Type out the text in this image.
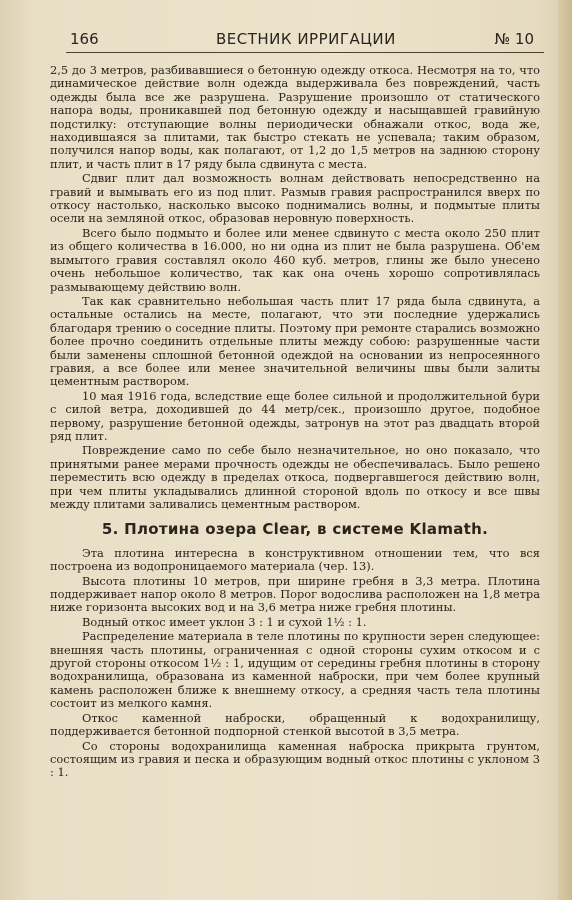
166	ВЕСТНИК ИРРИГАЦИИ	№ 10

2,5 до 3 метров, разбивавшиеся о бетонную одежду откоса. Несмотря на то, что динамическое действие волн одежда выдерживала без повреждений, часть одежды была все же разрушена. Разрушение произошло от статического напора воды, проникавшей под бетонную одежду и насыщавшей гравийную подстилку: отступающие волны периодически обнажали откос, вода же, находившаяся за плитами, так быстро стекать не успевала; таким образом, получился напор воды, как полагают, от 1,2 до 1,5 метров на заднюю сторону плит, и часть плит в 17 ряду была сдвинута с места.

Сдвиг плит дал возможность волнам действовать непосредственно на гравий и вымывать его из под плит. Размыв гравия распространился вверх по откосу настолько, насколько высоко поднимались волны, и подмытые плиты осели на земляной откос, образовав неровную поверхность.

Всего было подмыто и более или менее сдвинуто с места около 250 плит из общего количества в 16.000, но ни одна из плит не была разрушена. Об'ем вымытого гравия составлял около 460 куб. метров, глины же было унесено очень небольшое количество, так как она очень хорошо сопротивлялась размывающему действию волн.

Так как сравнительно небольшая часть плит 17 ряда была сдвинута, а остальные остались на месте, полагают, что эти последние удержались благодаря трению о соседние плиты. Поэтому при ремонте старались возможно более прочно соединить отдельные плиты между собою: разрушенные части были заменены сплошной бетонной одеждой на основании из непросеянного гравия, а все более или менее значительной величины швы были залиты цементным раствором.

10 мая 1916 года, вследствие еще более сильной и продолжительной бури с силой ветра, доходившей до 44 метр/сек., произошло другое, подобное первому, разрушение бетонной одежды, затронув на этот раз двадцать второй ряд плит.

Повреждение само по себе было незначительное, но оно показало, что принятыми ранее мерами прочность одежды не обеспечивалась. Было решено переместить всю одежду в пределах откоса, подвергавшегося действию волн, при чем плиты укладывались длинной стороной вдоль по откосу и все швы между плитами заливались цементным раствором.

5. Плотина озера Clear, в системе Klamath.

Эта плотина интересна в конструктивном отношении тем, что вся построена из водопроницаемого материала (чер. 13).

Высота плотины 10 метров, при ширине гребня в 3,3 метра. Плотина поддерживает напор около 8 метров. Порог водослива расположен на 1,8 метра ниже горизонта высоких вод и на 3,6 метра ниже гребня плотины.

Водный откос имеет уклон 3 : 1 и сухой 1½ : 1.

Распределение материала в теле плотины по крупности зерен следующее: внешняя часть плотины, ограниченная с одной стороны сухим откосом и с другой стороны откосом 1½ : 1, идущим от середины гребня плотины в сторону водохранилища, образована из каменной наброски, при чем более крупный камень расположен ближе к внешнему откосу, а средняя часть тела плотины состоит из мелкого камня.

Откос каменной наброски, обращенный к водохранилищу, поддерживается бетонной подпорной стенкой высотой в 3,5 метра.

Со стороны водохранилища каменная наброска прикрыта грунтом, состоящим из гравия и песка и образующим водный откос плотины с уклоном 3 : 1.
